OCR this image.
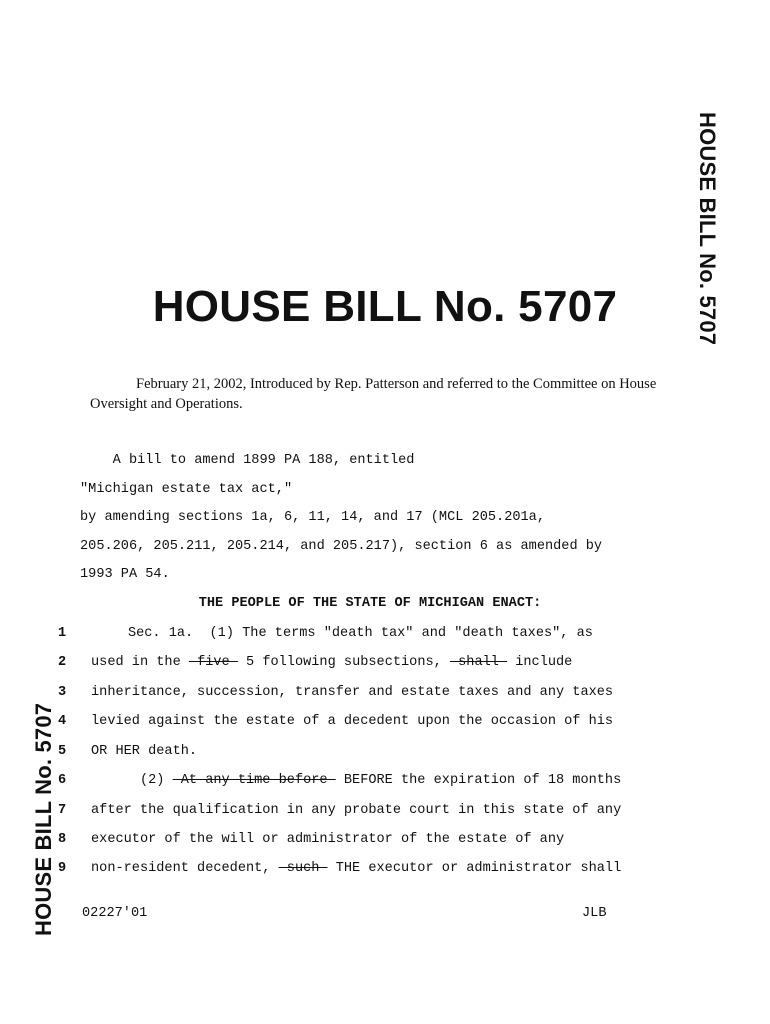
HOUSE BILL No. 5707
HOUSE BILL No. 5707
HOUSE BILL No. 5707
February 21, 2002, Introduced by Rep. Patterson and referred to the Committee on House
Oversight and Operations.
A bill to amend 1899 PA 188, entitled
"Michigan estate tax act,"
by amending sections 1a, 6, 11, 14, and 17 (MCL 205.201a,
205.206, 205.211, 205.214, and 205.217), section 6 as amended by
1993 PA 54.
THE PEOPLE OF THE STATE OF MICHIGAN ENACT:
1 Sec. 1a.  (1) The terms "death tax" and "death taxes", as
2	used in the  five  5 following subsections,  shall  include
3	inheritance, succession, transfer and estate taxes and any taxes
4	levied against the estate of a decedent upon the occasion of his
5	OR HER death.
6	(2)  At any time before  BEFORE the expiration of 18 months
7	after the qualification in any probate court in this state of any
8	executor of the will or administrator of the estate of any
9	non-resident decedent,  such  THE executor or administrator shall
02227'01	JLB
